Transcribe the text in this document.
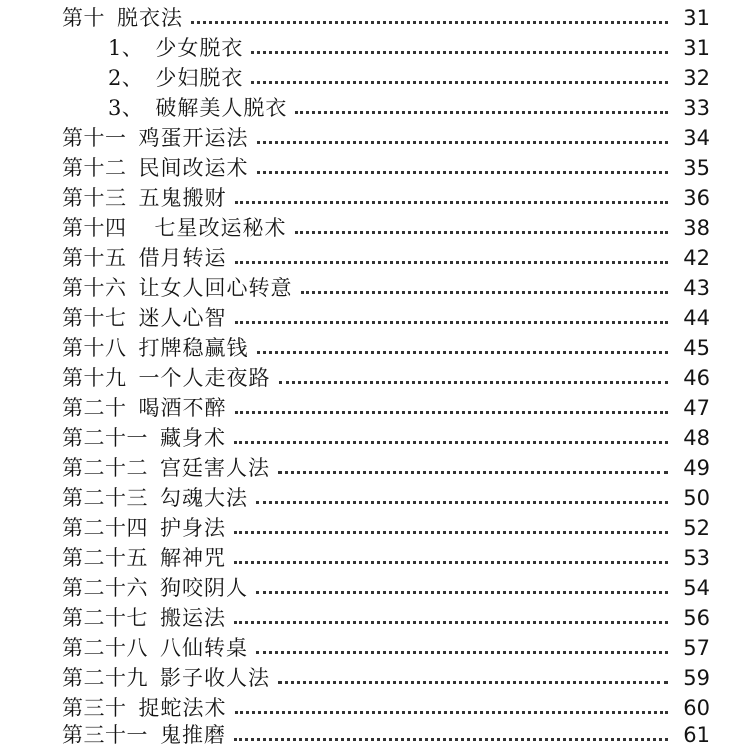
第十 脱衣法	31
1、 少女脱衣	31
2、 少妇脱衣	32
3、 破解美人脱衣	33
第十一 鸡蛋开运法	34
第十二 民间改运术	35
第十三 五鬼搬财	36
第十四	七星改运秘术	38
第十五 借月转运	42
第十六 让女人回心转意	43
第十七 迷人心智	44
第十八 打牌稳赢钱	45
第十九 一个人走夜路	46
第二十 喝酒不醉	47
第二十一 藏身术	48
第二十二 宫廷害人法	49
第二十三 勾魂大法	50
第二十四 护身法	52
第二十五 解神咒	53
第二十六 狗咬阴人	54
第二十七 搬运法	56
第二十八 八仙转桌	57
第二十九 影子收人法	59
第三十 捉蛇法术	60
第三十一 鬼推磨	61
